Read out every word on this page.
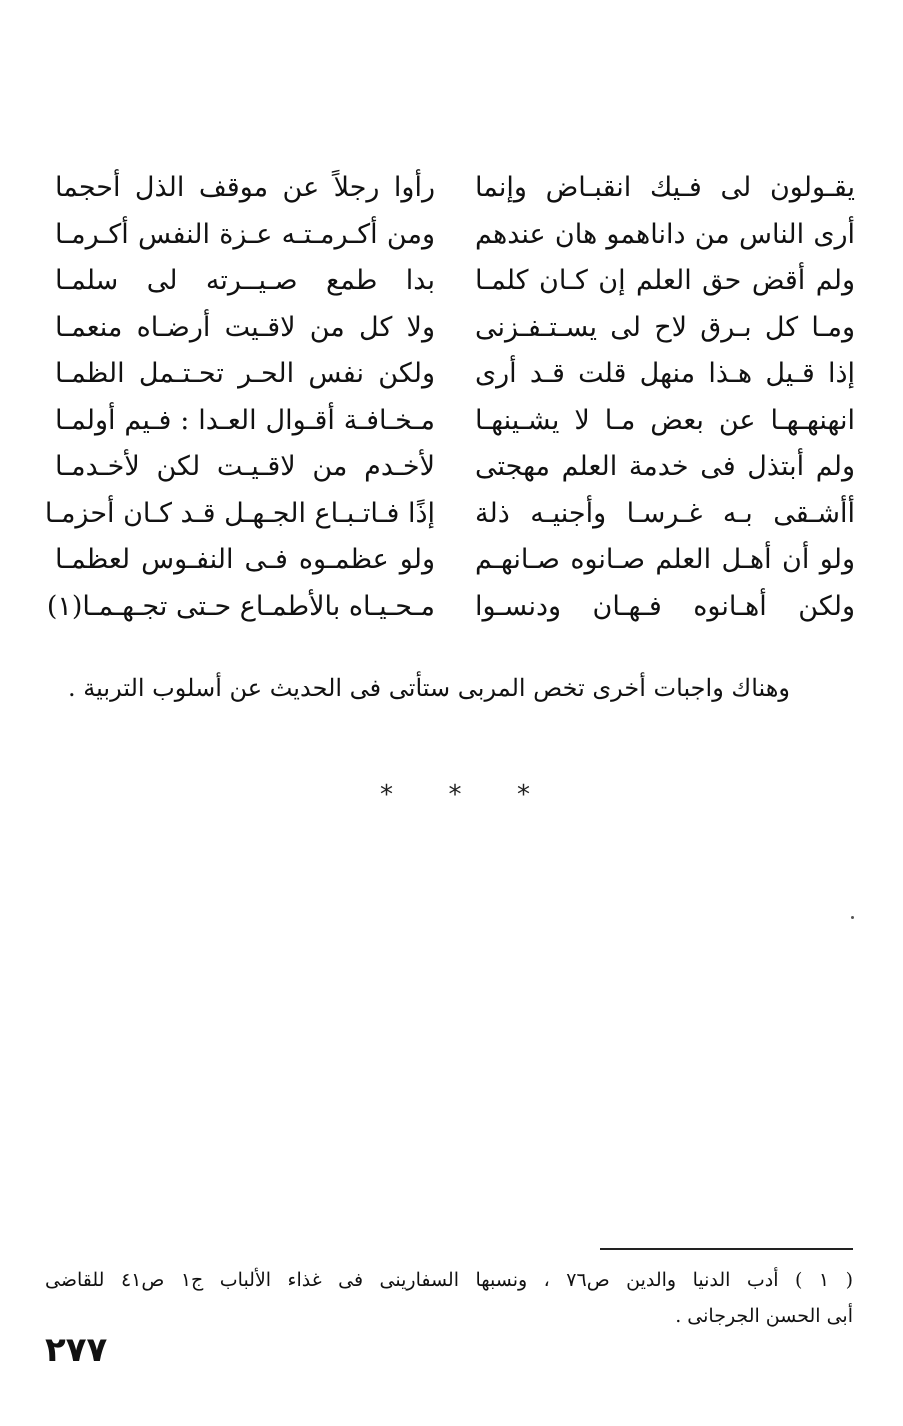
يقـولون لى فـيك انقبـاض وإنما
رأوا رجلاً عن موقف الذل أحجما
أرى الناس من داناهمو هان عندهم
ومن أكـرمـتـه عـزة النفس أكـرمـا
ولم أقض حق العلم إن كـان كلمـا
بدا طمع صـيــرته لى سلمـا
ومـا كل بـرق لاح لى يسـتـفـزنى
ولا كل من لاقـيت أرضـاه منعمـا
إذا قـيل هـذا منهل قلت قـد أرى
ولكن نفس الحـر تحـتـمل الظمـا
انهنهـهـا عن بعض مـا لا يشـينهـا
مـخـافـة أقـوال العـدا : فـيم أولمـا
ولم أبتذل فى خدمة العلم مهجتى
لأخـدم من لاقـيـت لكن لأخـدمـا
أأشـقى بـه غـرسـا وأجنيـه ذلة
إذًا فـاتـبـاع الجـهـل قـد كـان أحزمـا
ولو أن أهـل العلم صـانوه صـانهـم
ولو عظمـوه فـى النفـوس لعظمـا
ولكن أهـانوه فـهـان ودنسـوا
مـحـيـاه بالأطمـاع حـتى تجـهـمـا(١)
وهناك واجبات أخرى تخص المربى ستأتى فى الحديث عن أسلوب التربية .
* * *
( ١ ) أدب الدنيا والدين ص٧٦ ، ونسبها السفارينى فى غذاء الألباب ج١ ص٤١ للقاضى
أبى الحسن الجرجانى .
٢٧٧
